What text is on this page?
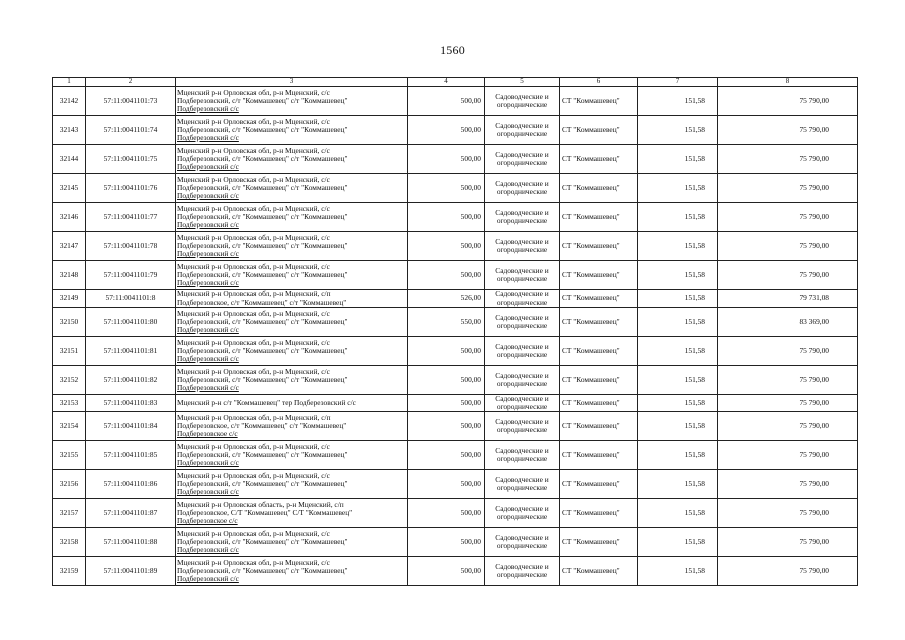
1560
1	2	3	4	5	6	7	8
32142	57:11:0041101:73	Мценский р-н Орловская обл, р-н Мценский, с/с
Подберезовский, с/т "Коммашевец" с/т "Коммашевец"
Подберезовский с/с	500,00	Садоводческие и огороднические	СТ "Коммашевец"	151,58	75 790,00
32143	57:11:0041101:74	Мценский р-н Орловская обл, р-н Мценский, с/с
Подберезовский, с/т "Коммашевец" с/т "Коммашевец"
Подберезовский с/с	500,00	Садоводческие и огороднические	СТ "Коммашевец"	151,58	75 790,00
32144	57:11:0041101:75	Мценский р-н Орловская обл, р-н Мценский, с/с
Подберезовский, с/т "Коммашевец" с/т "Коммашевец"
Подберезовский с/с	500,00	Садоводческие и огороднические	СТ "Коммашевец"	151,58	75 790,00
32145	57:11:0041101:76	Мценский р-н Орловская обл, р-н Мценский, с/с
Подберезовский, с/т "Коммашевец" с/т "Коммашевец"
Подберезовский с/с	500,00	Садоводческие и огороднические	СТ "Коммашевец"	151,58	75 790,00
32146	57:11:0041101:77	Мценский р-н Орловская обл, р-н Мценский, с/с
Подберезовский, с/т "Коммашевец" с/т "Коммашевец"
Подберезовский с/с	500,00	Садоводческие и огороднические	СТ "Коммашевец"	151,58	75 790,00
32147	57:11:0041101:78	Мценский р-н Орловская обл, р-н Мценский, с/с
Подберезовский, с/т "Коммашевец" с/т "Коммашевец"
Подберезовский с/с	500,00	Садоводческие и огороднические	СТ "Коммашевец"	151,58	75 790,00
32148	57:11:0041101:79	Мценский р-н Орловская обл, р-н Мценский, с/с
Подберезовский, с/т "Коммашевец" с/т "Коммашевец"
Подберезовский с/с	500,00	Садоводческие и огороднические	СТ "Коммашевец"	151,58	75 790,00
32149	57:11:0041101:8	Мценский р-н Орловская обл, р-н Мценский, с/п
Подберезовское, с/т "Коммашевец" с/т "Коммашевец"	526,00	Садоводческие и огороднические	СТ "Коммашевец"	151,58	79 731,08
32150	57:11:0041101:80	Мценский р-н Орловская обл, р-н Мценский, с/с
Подберезовский, с/т "Коммашевец" с/т "Коммашевец"
Подберезовский с/с	550,00	Садоводческие и огороднические	СТ "Коммашевец"	151,58	83 369,00
32151	57:11:0041101:81	Мценский р-н Орловская обл, р-н Мценский, с/с
Подберезовский, с/т "Коммашевец" с/т "Коммашевец"
Подберезовский с/с	500,00	Садоводческие и огороднические	СТ "Коммашевец"	151,58	75 790,00
32152	57:11:0041101:82	Мценский р-н Орловская обл, р-н Мценский, с/с
Подберезовский, с/т "Коммашевец" с/т "Коммашевец"
Подберезовский с/с	500,00	Садоводческие и огороднические	СТ "Коммашевец"	151,58	75 790,00
32153	57:11:0041101:83	Мценский р-н с/т "Коммашевец" тер Подберезовский с/с	500,00	Садоводческие и огороднические	СТ "Коммашевец"	151,58	75 790,00
32154	57:11:0041101:84	Мценский р-н Орловская обл, р-н Мценский, с/п
Подберезовское, с/т "Коммашевец" с/т "Коммашевец"
Подберезовское с/с	500,00	Садоводческие и огороднические	СТ "Коммашевец"	151,58	75 790,00
32155	57:11:0041101:85	Мценский р-н Орловская обл, р-н Мценский, с/с
Подберезовский, с/т "Коммашевец" с/т "Коммашевец"
Подберезовский с/с	500,00	Садоводческие и огороднические	СТ "Коммашевец"	151,58	75 790,00
32156	57:11:0041101:86	Мценский р-н Орловская обл, р-н Мценский, с/с
Подберезовский, с/т "Коммашевец" с/т "Коммашевец"
Подберезовский с/с	500,00	Садоводческие и огороднические	СТ "Коммашевец"	151,58	75 790,00
32157	57:11:0041101:87	Мценский р-н Орловская область, р-н Мценский, с/п
Подберезовское, С/Т "Коммашевец" С/Т "Коммашевец"
Подберезовское с/с	500,00	Садоводческие и огороднические	СТ "Коммашевец"	151,58	75 790,00
32158	57:11:0041101:88	Мценский р-н Орловская обл, р-н Мценский, с/с
Подберезовский, с/т "Коммашевец" с/т "Коммашевец"
Подберезовский с/с	500,00	Садоводческие и огороднические	СТ "Коммашевец"	151,58	75 790,00
32159	57:11:0041101:89	Мценский р-н Орловская обл, р-н Мценский, с/с
Подберезовский, с/т "Коммашевец" с/т "Коммашевец"
Подберезовский с/с	500,00	Садоводческие и огороднические	СТ "Коммашевец"	151,58	75 790,00
